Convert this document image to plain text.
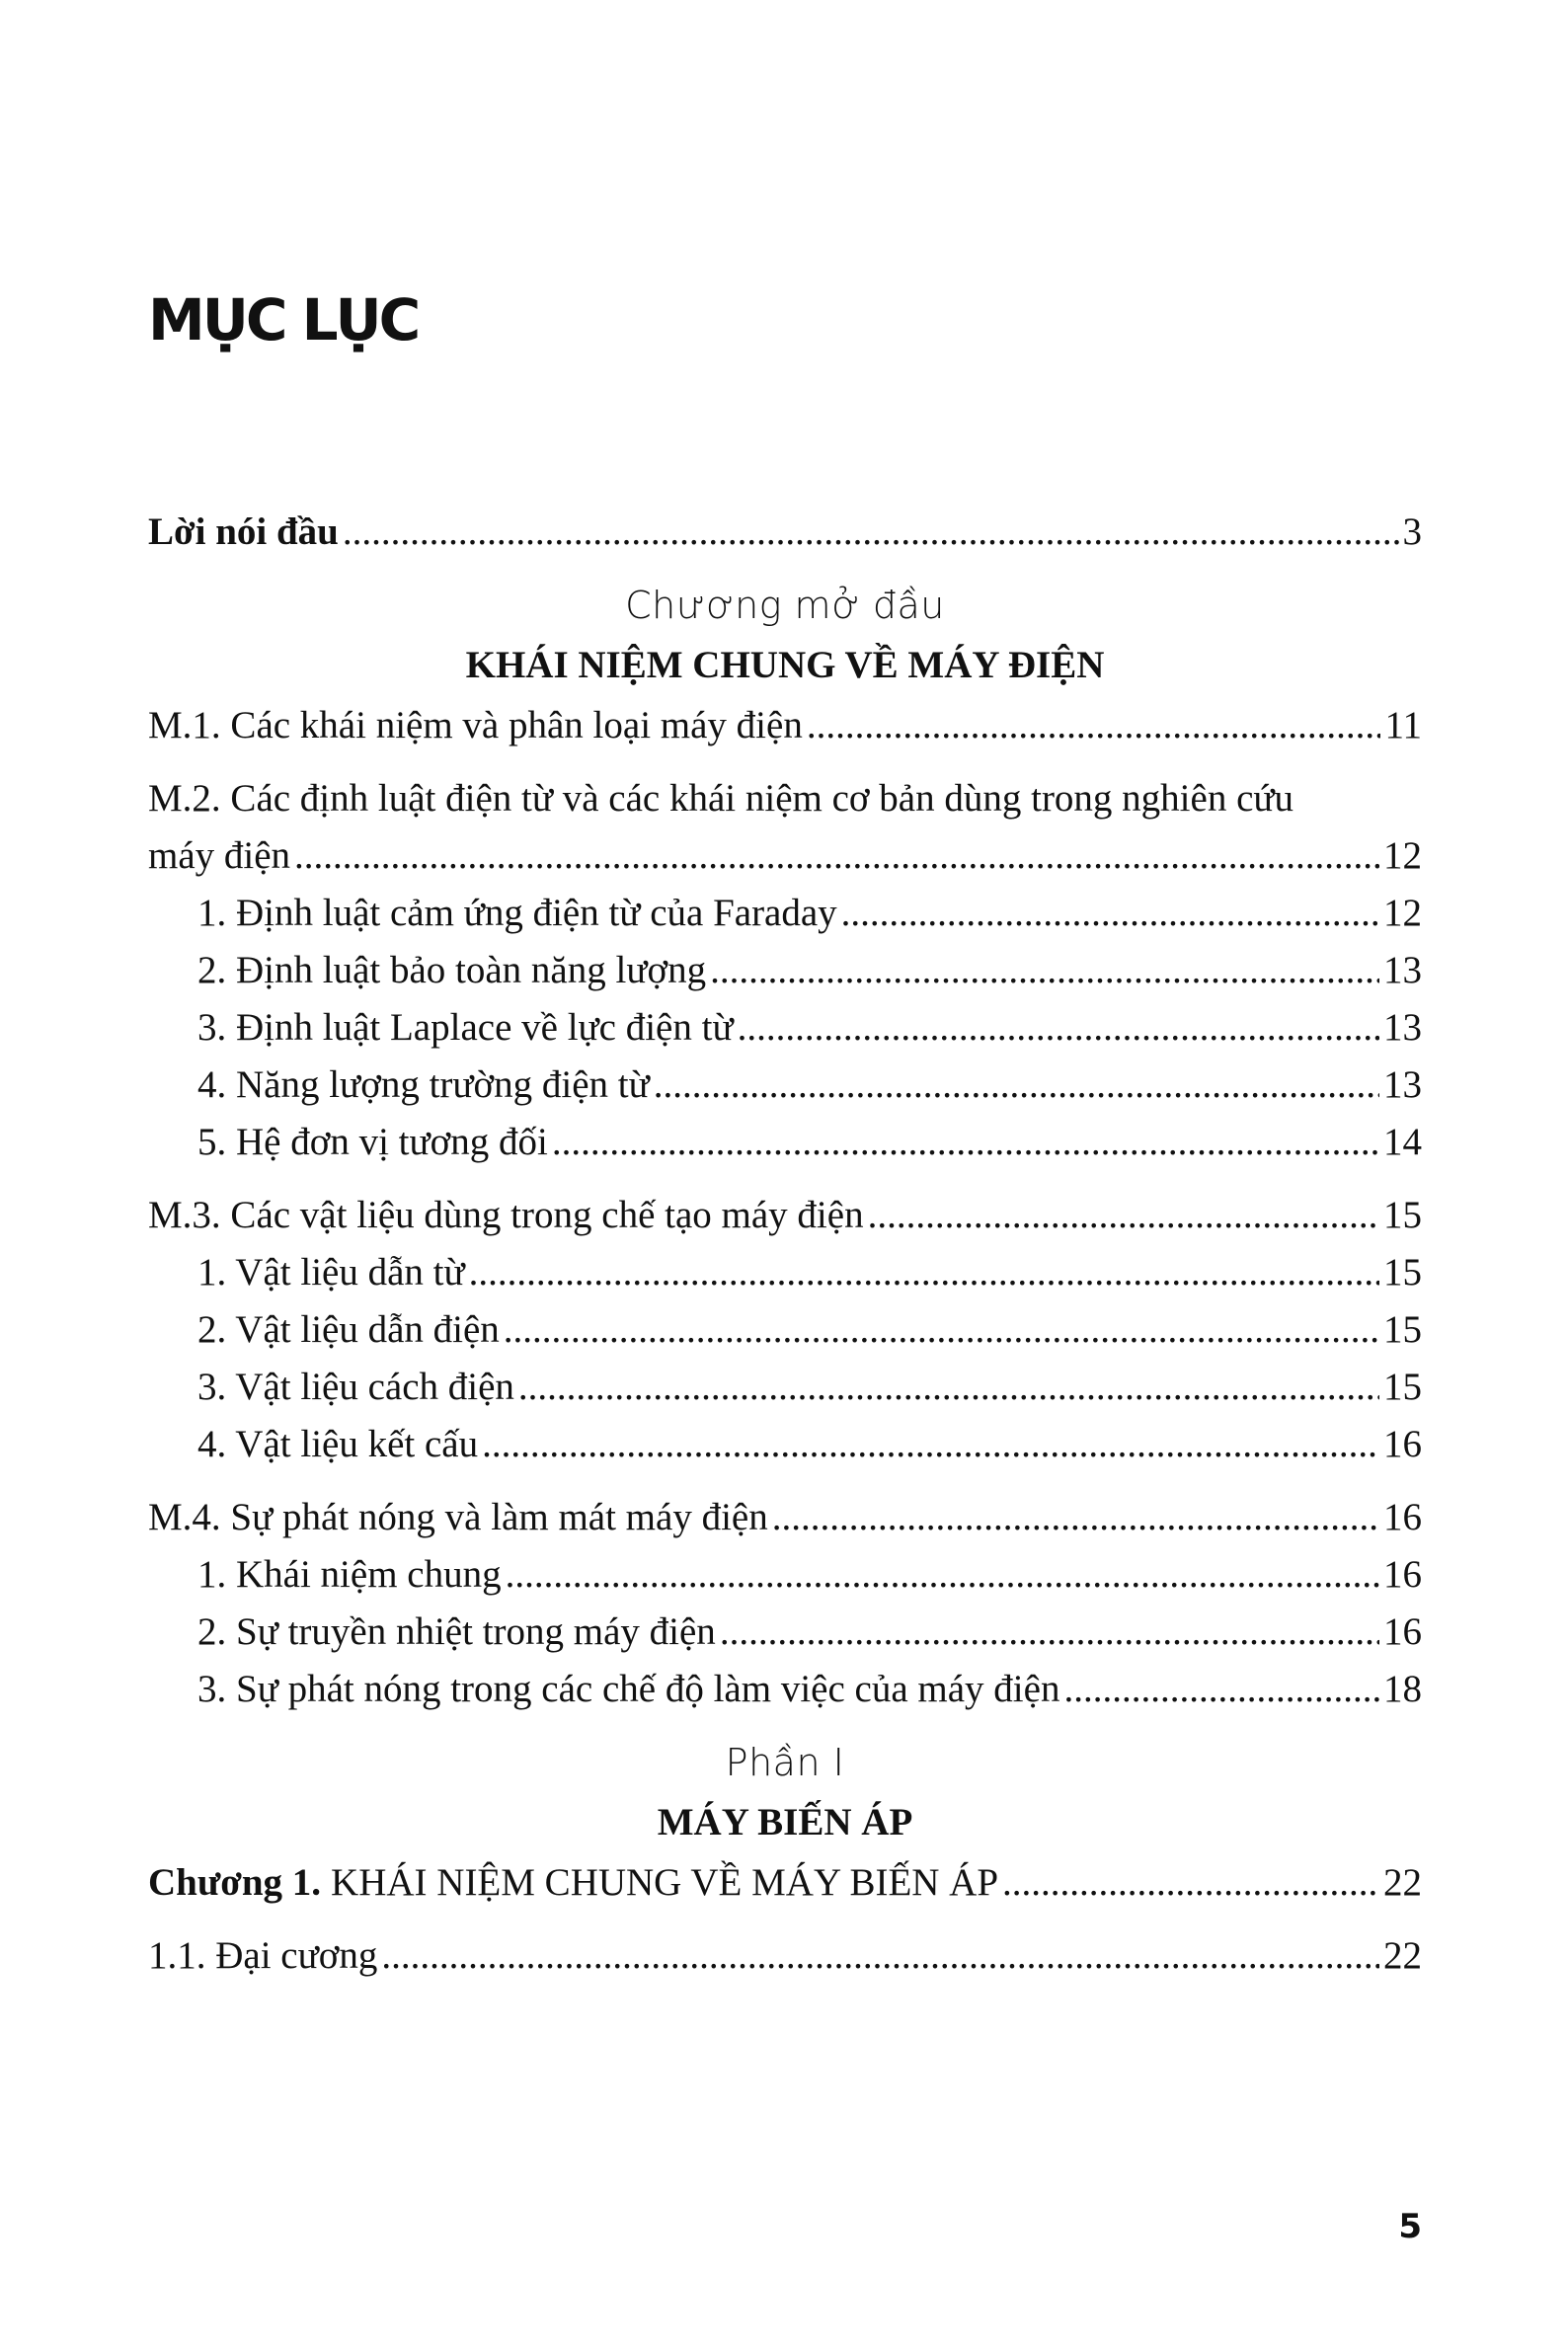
MỤC LỤC
Lời nói đầu .....	3
Chương mở đầu
KHÁI NIỆM CHUNG VỀ MÁY ĐIỆN
M.1. Các khái niệm và phân loại máy điện .....	11
M.2. Các định luật điện từ và các khái niệm cơ bản dùng trong nghiên cứu
máy điện .....	12
1. Định luật cảm ứng điện từ của Faraday .....	12
2. Định luật bảo toàn năng lượng .....	13
3. Định luật Laplace về lực điện từ .....	13
4. Năng lượng trường điện từ .....	13
5. Hệ đơn vị tương đối .....	14
M.3. Các vật liệu dùng trong chế tạo máy điện .....	15
1. Vật liệu dẫn từ .....	15
2. Vật liệu dẫn điện .....	15
3. Vật liệu cách điện .....	15
4. Vật liệu kết cấu .....	16
M.4. Sự phát nóng và làm mát máy điện .....	16
1. Khái niệm chung .....	16
2. Sự truyền nhiệt trong máy điện .....	16
3. Sự phát nóng trong các chế độ làm việc của máy điện .....	18
Phần I
MÁY BIẾN ÁP
Chương 1. KHÁI NIỆM CHUNG VỀ MÁY BIẾN ÁP .....	22
1.1. Đại cương .....	22
5
